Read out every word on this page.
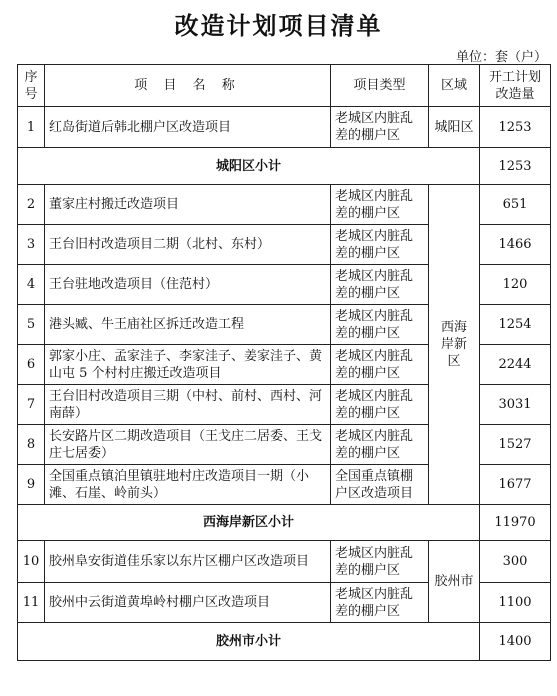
改造计划项目清单
单位：套（户）
序号	项 目 名 称	项目类型	区域	开工计划改造量
1	红岛街道后韩北棚户区改造项目	老城区内脏乱差的棚户区	城阳区	1253
城阳区小计				1253
2	董家庄村搬迁改造项目	老城区内脏乱差的棚户区	西海岸新区	651
3	王台旧村改造项目二期（北村、东村）	老城区内脏乱差的棚户区		1466
4	王台驻地改造项目（住范村）	老城区内脏乱差的棚户区		120
5	港头臧、牛王庙社区拆迁改造工程	老城区内脏乱差的棚户区		1254
6	郭家小庄、孟家洼子、李家洼子、姜家洼子、黄山屯 5 个村村庄搬迁改造项目	老城区内脏乱差的棚户区		2244
7	王台旧村改造项目三期（中村、前村、西村、河南薛）	老城区内脏乱差的棚户区		3031
8	长安路片区二期改造项目（王戈庄二居委、王戈庄七居委）	老城区内脏乱差的棚户区		1527
9	全国重点镇泊里镇驻地村庄改造项目一期（小滩、石崖、岭前头）	全国重点镇棚户区改造项目		1677
西海岸新区小计				11970
10	胶州阜安街道佳乐家以东片区棚户区改造项目	老城区内脏乱差的棚户区	胶州市	300
11	胶州中云街道黄埠岭村棚户区改造项目	老城区内脏乱差的棚户区		1100
胶州市小计				1400
